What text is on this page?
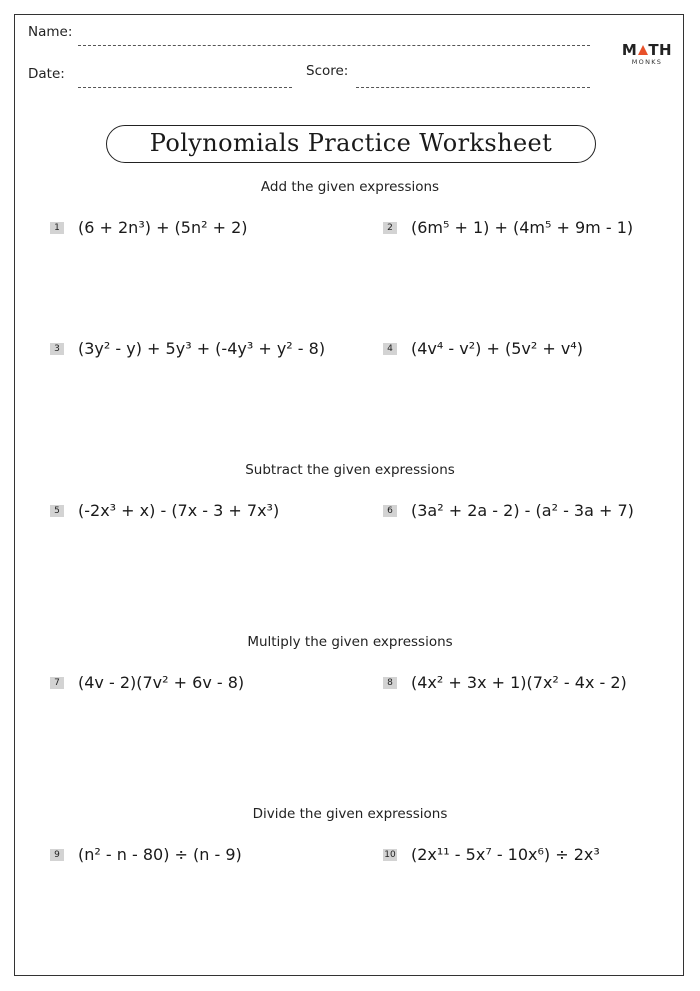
Name:
Date:	Score:
M TH
MONKS
Polynomials Practice Worksheet
Add the given expressions
Subtract the given expressions
Multiply the given expressions
Divide the given expressions
1 (6 + 2n³) + (5n² + 2)	2 (6m⁵ + 1) + (4m⁵ + 9m - 1)
3 (3y² - y) + 5y³ + (-4y³ + y² - 8)	4 (4v⁴ - v²) + (5v² + v⁴)
5 (-2x³ + x) - (7x - 3 + 7x³)	6 (3a² + 2a - 2) - (a² - 3a + 7)
7 (4v - 2)(7v² + 6v - 8)	8 (4x² + 3x + 1)(7x² - 4x - 2)
9 (n² - n - 80) ÷ (n - 9)	10 (2x¹¹ - 5x⁷ - 10x⁶) ÷ 2x³
